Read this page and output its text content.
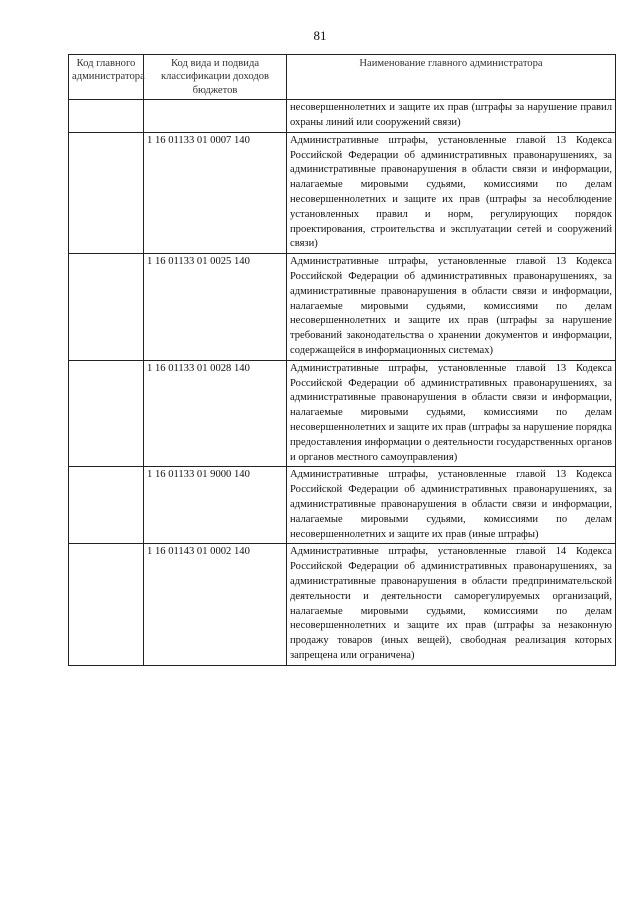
81
Код главного администратора	Код вида и подвида классификации доходов бюджетов	Наименование главного администратора
		несовершеннолетних и защите их прав (штрафы за нарушение правил охраны линий или сооружений связи)
	1 16 01133 01 0007 140	Административные штрафы, установленные главой 13 Кодекса Российской Федерации об административных правонарушениях, за административные правонарушения в области связи и информации, налагаемые мировыми судьями, комиссиями по делам несовершеннолетних и защите их прав (штрафы за несоблюдение установленных правил и норм, регулирующих порядок проектирования, строительства и эксплуатации сетей и сооружений связи)
	1 16 01133 01 0025 140	Административные штрафы, установленные главой 13 Кодекса Российской Федерации об административных правонарушениях, за административные правонарушения в области связи и информации, налагаемые мировыми судьями, комиссиями по делам несовершеннолетних и защите их прав (штрафы за нарушение требований законодательства о хранении документов и информации, содержащейся в информационных системах)
	1 16 01133 01 0028 140	Административные штрафы, установленные главой 13 Кодекса Российской Федерации об административных правонарушениях, за административные правонарушения в области связи и информации, налагаемые мировыми судьями, комиссиями по делам несовершеннолетних и защите их прав (штрафы за нарушение порядка предоставления информации о деятельности государственных органов и органов местного самоуправления)
	1 16 01133 01 9000 140	Административные штрафы, установленные главой 13 Кодекса Российской Федерации об административных правонарушениях, за административные правонарушения в области связи и информации, налагаемые мировыми судьями, комиссиями по делам несовершеннолетних и защите их прав (иные штрафы)
	1 16 01143 01 0002 140	Административные штрафы, установленные главой 14 Кодекса Российской Федерации об административных правонарушениях, за административные правонарушения в области предпринимательской деятельности и деятельности саморегулируемых организаций, налагаемые мировыми судьями, комиссиями по делам несовершеннолетних и защите их прав (штрафы за незаконную продажу товаров (иных вещей), свободная реализация которых запрещена или ограничена)
